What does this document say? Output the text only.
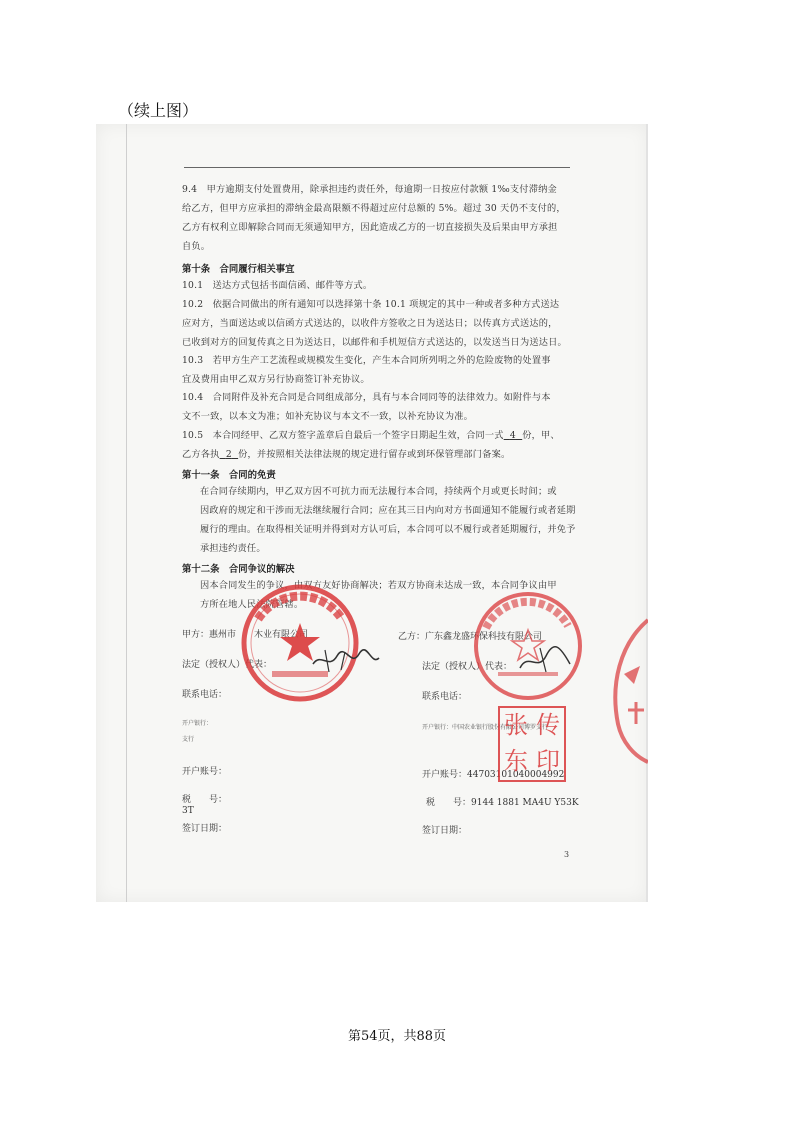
（续上图）
9.4　甲方逾期支付处置费用，除承担违约责任外，每逾期一日按应付款额 1‰支付滞纳金
给乙方，但甲方应承担的滞纳金最高限额不得超过应付总额的 5%。超过 30 天仍不支付的，
乙方有权利立即解除合同而无须通知甲方，因此造成乙方的一切直接损失及后果由甲方承担
自负。
第十条　合同履行相关事宜
10.1　送达方式包括书面信函、邮件等方式。
10.2　依据合同做出的所有通知可以选择第十条 10.1 项规定的其中一种或者多种方式送达
应对方，当面送达或以信函方式送达的，以收件方签收之日为送达日；以传真方式送达的，
已收到对方的回复传真之日为送达日，以邮件和手机短信方式送达的，以发送当日为送达日。
10.3　若甲方生产工艺流程或规模发生变化，产生本合同所列明之外的危险废物的处置事
宜及费用由甲乙双方另行协商签订补充协议。
10.4　合同附件及补充合同是合同组成部分，具有与本合同同等的法律效力。如附件与本
文不一致，以本文为准；如补充协议与本文不一致，以补充协议为准。
10.5　本合同经甲、乙双方签字盖章后自最后一个签字日期起生效，合同一式 4 份，甲、
乙方各执 2 份，并按照相关法律法规的规定进行留存或到环保管理部门备案。
第十一条　合同的免责
在合同存续期内，甲乙双方因不可抗力而无法履行本合同，持续两个月或更长时间；或
因政府的规定和干涉而无法继续履行合同；应在其三日内向对方书面通知不能履行或者延期
履行的理由。在取得相关证明并得到对方认可后，本合同可以不履行或者延期履行，并免予
承担违约责任。
第十二条　合同争议的解决
因本合同发生的争议，由双方友好协商解决；若双方协商未达成一致，本合同争议由甲
方所在地人民法院管辖。
甲方：惠州市　　木业有限公司
法定（授权人）代表：
联系电话：
开户银行：
支行
开户账号：
税　　号：
3T
签订日期：
乙方：广东鑫龙盛环保科技有限公司
法定（授权人）代表：
联系电话：
开户银行：中国农业银行股份有限公司博罗支行
开户账号：44703101040004992
税　　号：9144 1881 MA4U Y53K
签订日期：
张 传
东 印
3
第54页，共88页
